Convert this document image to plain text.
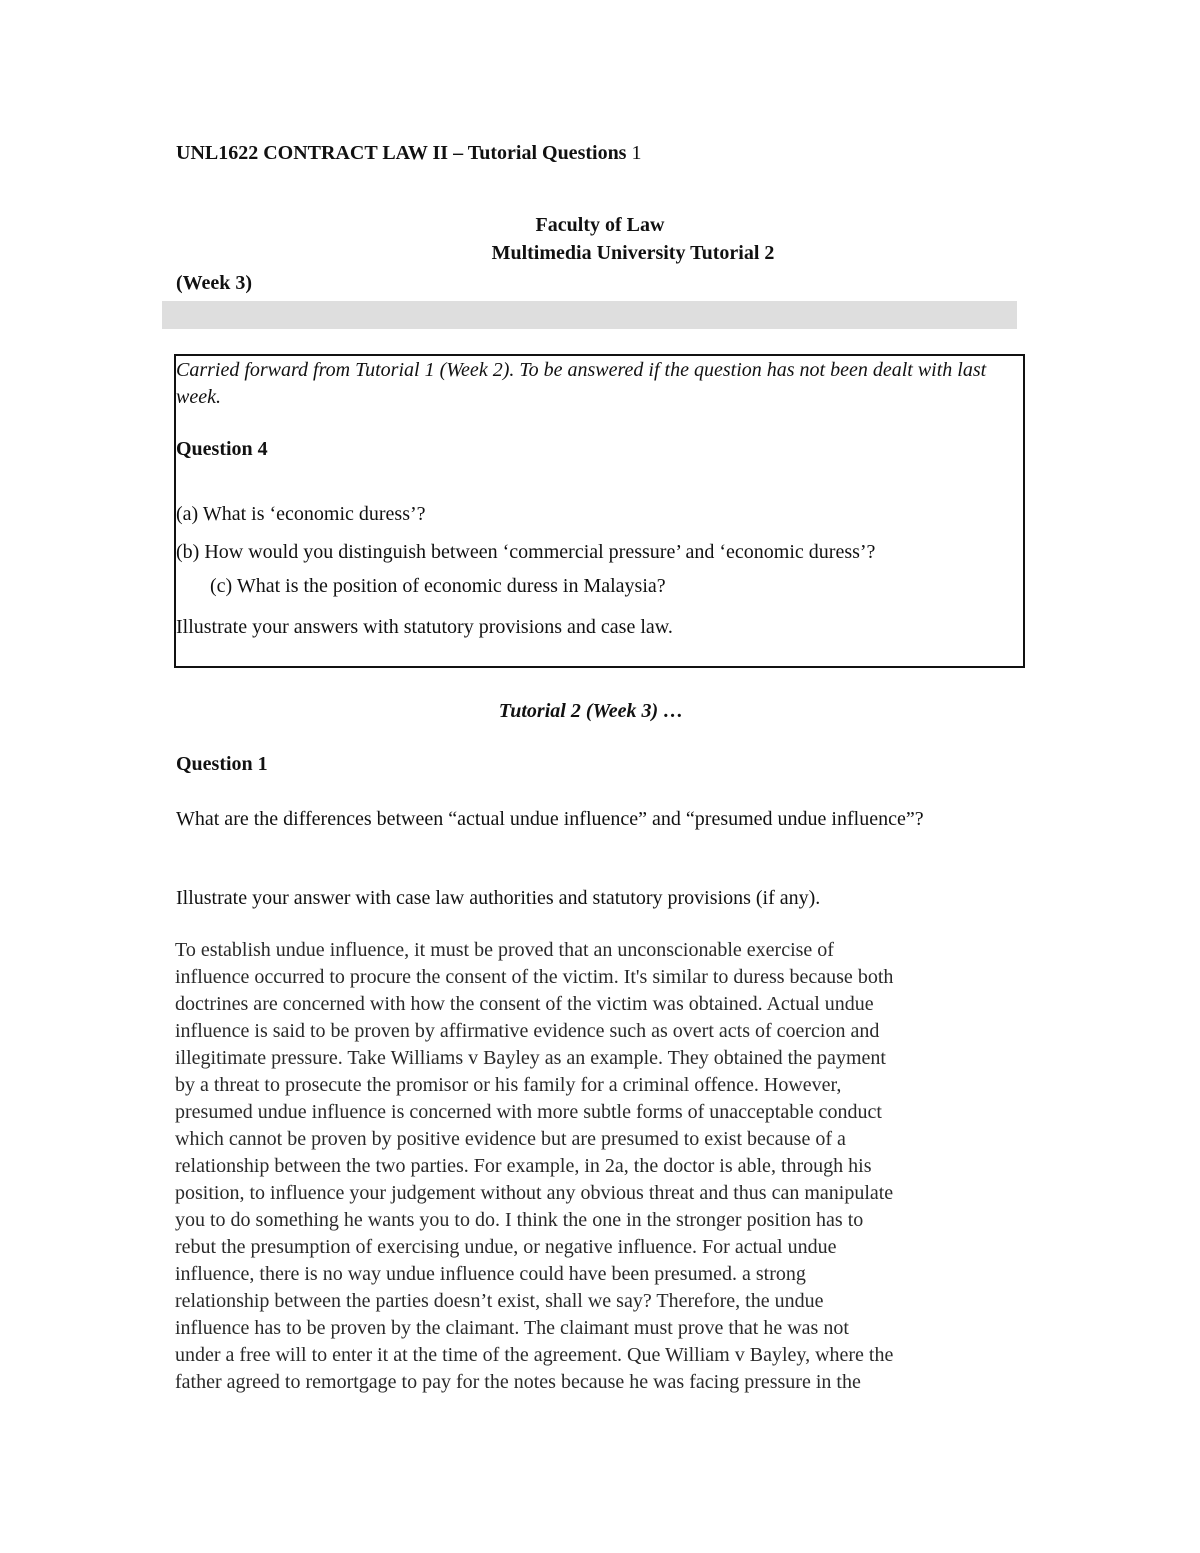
UNL1622 CONTRACT LAW II – Tutorial Questions 1
Faculty of Law
Multimedia University Tutorial 2
(Week 3)
Carried forward from Tutorial 1 (Week 2). To be answered if the question has not been dealt with last week.
Question 4
(a) What is ‘economic duress’?
(b) How would you distinguish between ‘commercial pressure’ and ‘economic duress’?
(c) What is the position of economic duress in Malaysia?
Illustrate your answers with statutory provisions and case law.
Tutorial 2 (Week 3) …
Question 1
What are the differences between “actual undue influence” and “presumed undue influence”?
Illustrate your answer with case law authorities and statutory provisions (if any).
To establish undue influence, it must be proved that an unconscionable exercise of
influence occurred to procure the consent of the victim. It's similar to duress because both
doctrines are concerned with how the consent of the victim was obtained. Actual undue
influence is said to be proven by affirmative evidence such as overt acts of coercion and
illegitimate pressure. Take Williams v Bayley as an example. They obtained the payment
by a threat to prosecute the promisor or his family for a criminal offence. However,
presumed undue influence is concerned with more subtle forms of unacceptable conduct
which cannot be proven by positive evidence but are presumed to exist because of a
relationship between the two parties. For example, in 2a, the doctor is able, through his
position, to influence your judgement without any obvious threat and thus can manipulate
you to do something he wants you to do. I think the one in the stronger position has to
rebut the presumption of exercising undue, or negative influence. For actual undue
influence, there is no way undue influence could have been presumed. a strong
relationship between the parties doesn’t exist, shall we say? Therefore, the undue
influence has to be proven by the claimant. The claimant must prove that he was not
under a free will to enter it at the time of the agreement. Que William v Bayley, where the
father agreed to remortgage to pay for the notes because he was facing pressure in the
